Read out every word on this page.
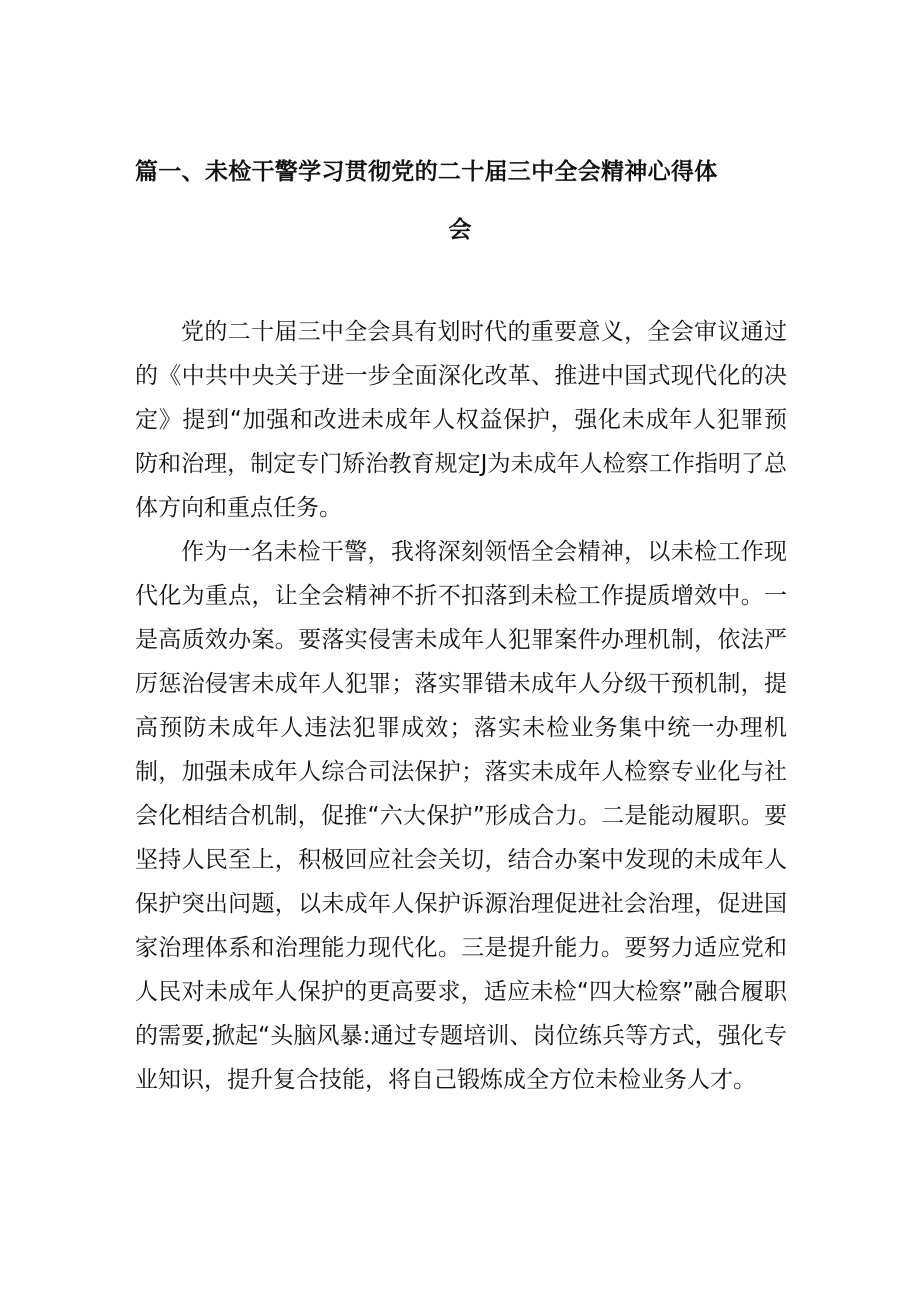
篇一、未检干警学习贯彻党的二十届三中全会精神心得体
会

党的二十届三中全会具有划时代的重要意义，全会审议通过的《中共中央关于进一步全面深化改革、推进中国式现代化的决定》提到“加强和改进未成年人权益保护，强化未成年人犯罪预防和治理，制定专门矫治教育规定J为未成年人检察工作指明了总体方向和重点任务。

作为一名未检干警，我将深刻领悟全会精神，以未检工作现代化为重点，让全会精神不折不扣落到未检工作提质增效中。一是高质效办案。要落实侵害未成年人犯罪案件办理机制，依法严厉惩治侵害未成年人犯罪；落实罪错未成年人分级干预机制，提高预防未成年人违法犯罪成效；落实未检业务集中统一办理机制，加强未成年人综合司法保护；落实未成年人检察专业化与社会化相结合机制，促推“六大保护”形成合力。二是能动履职。要坚持人民至上，积极回应社会关切，结合办案中发现的未成年人保护突出问题，以未成年人保护诉源治理促进社会治理，促进国家治理体系和治理能力现代化。三是提升能力。要努力适应党和人民对未成年人保护的更高要求，适应未检“四大检察”融合履职的需要,掀起“头脑风暴:通过专题培训、岗位练兵等方式，强化专业知识，提升复合技能，将自己锻炼成全方位未检业务人才。
